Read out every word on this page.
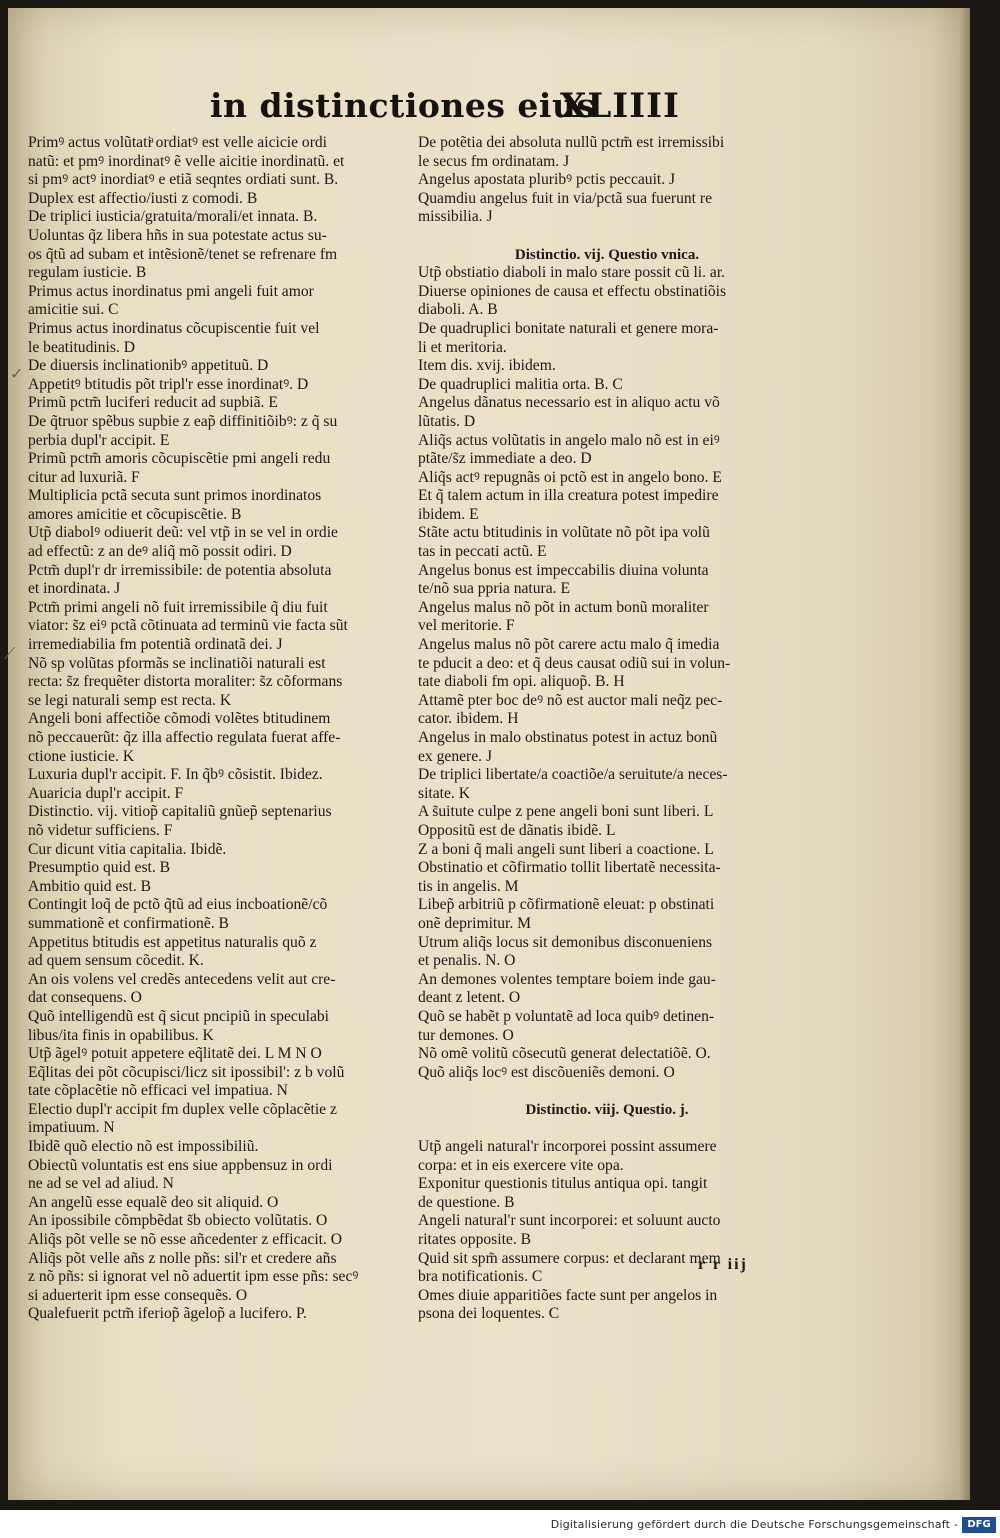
in distinctiones eius
XLIIII
✓
⟋
Primꝰ actus volũtatiͣ ordiatꝰ est velle aicicie ordi
natũ: et pmꝰ inordinatꝰ ẽ velle aicitie inordinatũ. et
si pmꝰ actꝰ inordiatꝰ e etiã seqntes ordiati sunt. B.
Duplex est affectio/iusti z comodi. B
De triplici iusticia/gratuita/morali/et innata. B.
Uoluntas q̃z libera hñs in sua potestate actus su-
os q̃tũ ad subam et intẽsionẽ/tenet se refrenare fm
regulam iusticie. B
Primus actus inordinatus pmi angeli fuit amor
amicitie sui. C
Primus actus inordinatus cõcupiscentie fuit vel
le beatitudinis. D
De diuersis inclinationibꝰ appetituũ. D
Appetitꝰ btitudis põt tripl'r esse inordinatꝰ. D
Primũ pctm̃ luciferi reducit ad supbiã. E
De q̃truor spẽbus supbie z eap̃ diffinitiõibꝰ: z q̃ su
perbia dupl'r accipit. E
Primũ pctm̃ amoris cõcupiscẽtie pmi angeli redu
citur ad luxuriã. F
Multiplicia pctã secuta sunt primos inordinatos
amores amicitie et cõcupiscẽtie. B
Utp̃ diabolꝰ odiuerit deũ: vel vtp̃ in se vel in ordie
ad effectũ: z an deꝰ aliq̃ mõ possit odiri. D
Pctm̃ dupl'r dr irremissibile: de potentia absoluta
et inordinata. J
Pctm̃ primi angeli nõ fuit irremissibile q̃ diu fuit
viator: s̃z eiꝰ pctã cõtinuata ad terminũ vie facta sũt
irremediabilia fm potentiã ordinatã dei. J
Nõ sp volũtas pformãs se inclinatiõi naturali est
recta: s̃z frequẽter distorta moraliter: s̃z cõformans
se legi naturali semp est recta. K
Angeli boni affectiõe cõmodi volẽtes btitudinem
nõ peccauerũt: q̃z illa affectio regulata fuerat affe-
ctione iusticie. K
Luxuria dupl'r accipit. F. In q̃bꝰ cõsistit. Ibidez.
Auaricia dupl'r accipit. F
Distinctio. vij. vitiop̃ capitaliũ gnũep̃ septenarius
nõ videtur sufficiens. F
Cur dicunt vitia capitalia. Ibidẽ.
Presumptio quid est. B
Ambitio quid est. B
Contingit loq̃ de pctõ q̃tũ ad eius incboationẽ/cõ
summationẽ et confirmationẽ. B
Appetitus btitudis est appetitus naturalis quõ z
ad quem sensum cõcedit. K.
An ois volens vel credẽs antecedens velit aut cre-
dat consequens. O
Quõ intelligendũ est q̃ sicut pncipiũ in speculabi
libus/ita finis in opabilibus. K
Utp̃ ãgelꝰ potuit appetere eq̃litatẽ dei. L M N O
Eq̃litas dei põt cõcupisci/licz sit ipossibil': z b volũ
tate cõplacẽtie nõ efficaci vel impatiua. N
Electio dupl'r accipit fm duplex velle cõplacẽtie z
impatiuum. N
Ibidẽ quõ electio nõ est impossibiliũ.
Obiectũ voluntatis est ens siue appbensuz in ordi
ne ad se vel ad aliud. N
An angelũ esse equalẽ deo sit aliquid. O
An ipossibile cõmpbẽdat s̃b obiecto volũtatis. O
Aliq̃s põt velle se nõ esse añcedenter z efficacit. O
Aliq̃s põt velle añs z nolle pñs: sil'r et credere añs
z nõ pñs: si ignorat vel nõ aduertit ipm esse pñs: secꝰ
si aduerterit ipm esse consequẽs. O
Qualefuerit pctm̃ iferiop̃ ãgelop̃ a lucifero. P.
De potẽtia dei absoluta nullũ pctm̃ est irremissibi
le secus fm ordinatam. J
Angelus apostata pluribꝰ pctis peccauit. J
Quamdiu angelus fuit in via/pctã sua fuerunt re
missibilia. J
Distinctio. vij. Questio vnica.
Utp̃ obstiatio diaboli in malo stare possit cũ li. ar.
Diuerse opiniones de causa et effectu obstinatiõis
diaboli. A. B
De quadruplici bonitate naturali et genere mora-
li et meritoria.
Item dis. xvij. ibidem.
De quadruplici malitia orta. B. C
Angelus dãnatus necessario est in aliquo actu võ
lũtatis. D
Aliq̃s actus volũtatis in angelo malo nõ est in eiꝰ
ptãte/s̃z immediate a deo. D
Aliq̃s actꝰ repugnãs oi pctõ est in angelo bono. E
Et q̃ talem actum in illa creatura potest impedire
ibidem. E
Stãte actu btitudinis in volũtate nõ põt ipa volũ
tas in peccati actũ. E
Angelus bonus est impeccabilis diuina volunta
te/nõ sua ppria natura. E
Angelus malus nõ põt in actum bonũ moraliter
vel meritorie. F
Angelus malus nõ põt carere actu malo q̃ imedia
te pducit a deo: et q̃ deus causat odiũ sui in volun-
tate diaboli fm opi. aliquop̃. B. H
Attamẽ pter boc deꝰ nõ est auctor mali neq̃z pec-
cator. ibidem. H
Angelus in malo obstinatus potest in actuz bonũ
ex genere. J
De triplici libertate/a coactiõe/a seruitute/a neces-
sitate. K
A s̃uitute culpe z pene angeli boni sunt liberi. L
Oppositũ est de dãnatis ibidẽ. L
Z a boni q̃ mali angeli sunt liberi a coactione. L
Obstinatio et cõfirmatio tollit libertatẽ necessita-
tis in angelis. M
Libep̃ arbitriũ p cõfirmationẽ eleuat: p obstinati
onẽ deprimitur. M
Utrum aliq̃s locus sit demonibus disconueniens
et penalis. N. O
An demones volentes temptare boiem inde gau-
deant z letent. O
Quõ se habẽt p voluntatẽ ad loca quibꝰ detinen-
tur demones. O
Nõ omẽ volitũ cõsecutũ generat delectatiõẽ. O.
Quõ aliq̃s locꝰ est discõueniẽs demoni. O
Distinctio. viij. Questio. j.
Utp̃ angeli natural'r incorporei possint assumere
corpa: et in eis exercere vite opa.
Exponitur questionis titulus antiqua opi. tangit
de questione. B
Angeli natural'r sunt incorporei: et soluunt aucto
ritates opposite. B
Quid sit spm̃ assumere corpus: et declarant mem
bra notificationis. C
Omes diuie apparitiões facte sunt per angelos in
psona dei loquentes. C
r r iij
Digitalisierung gefördert durch die Deutsche Forschungsgemeinschaft - DFG
